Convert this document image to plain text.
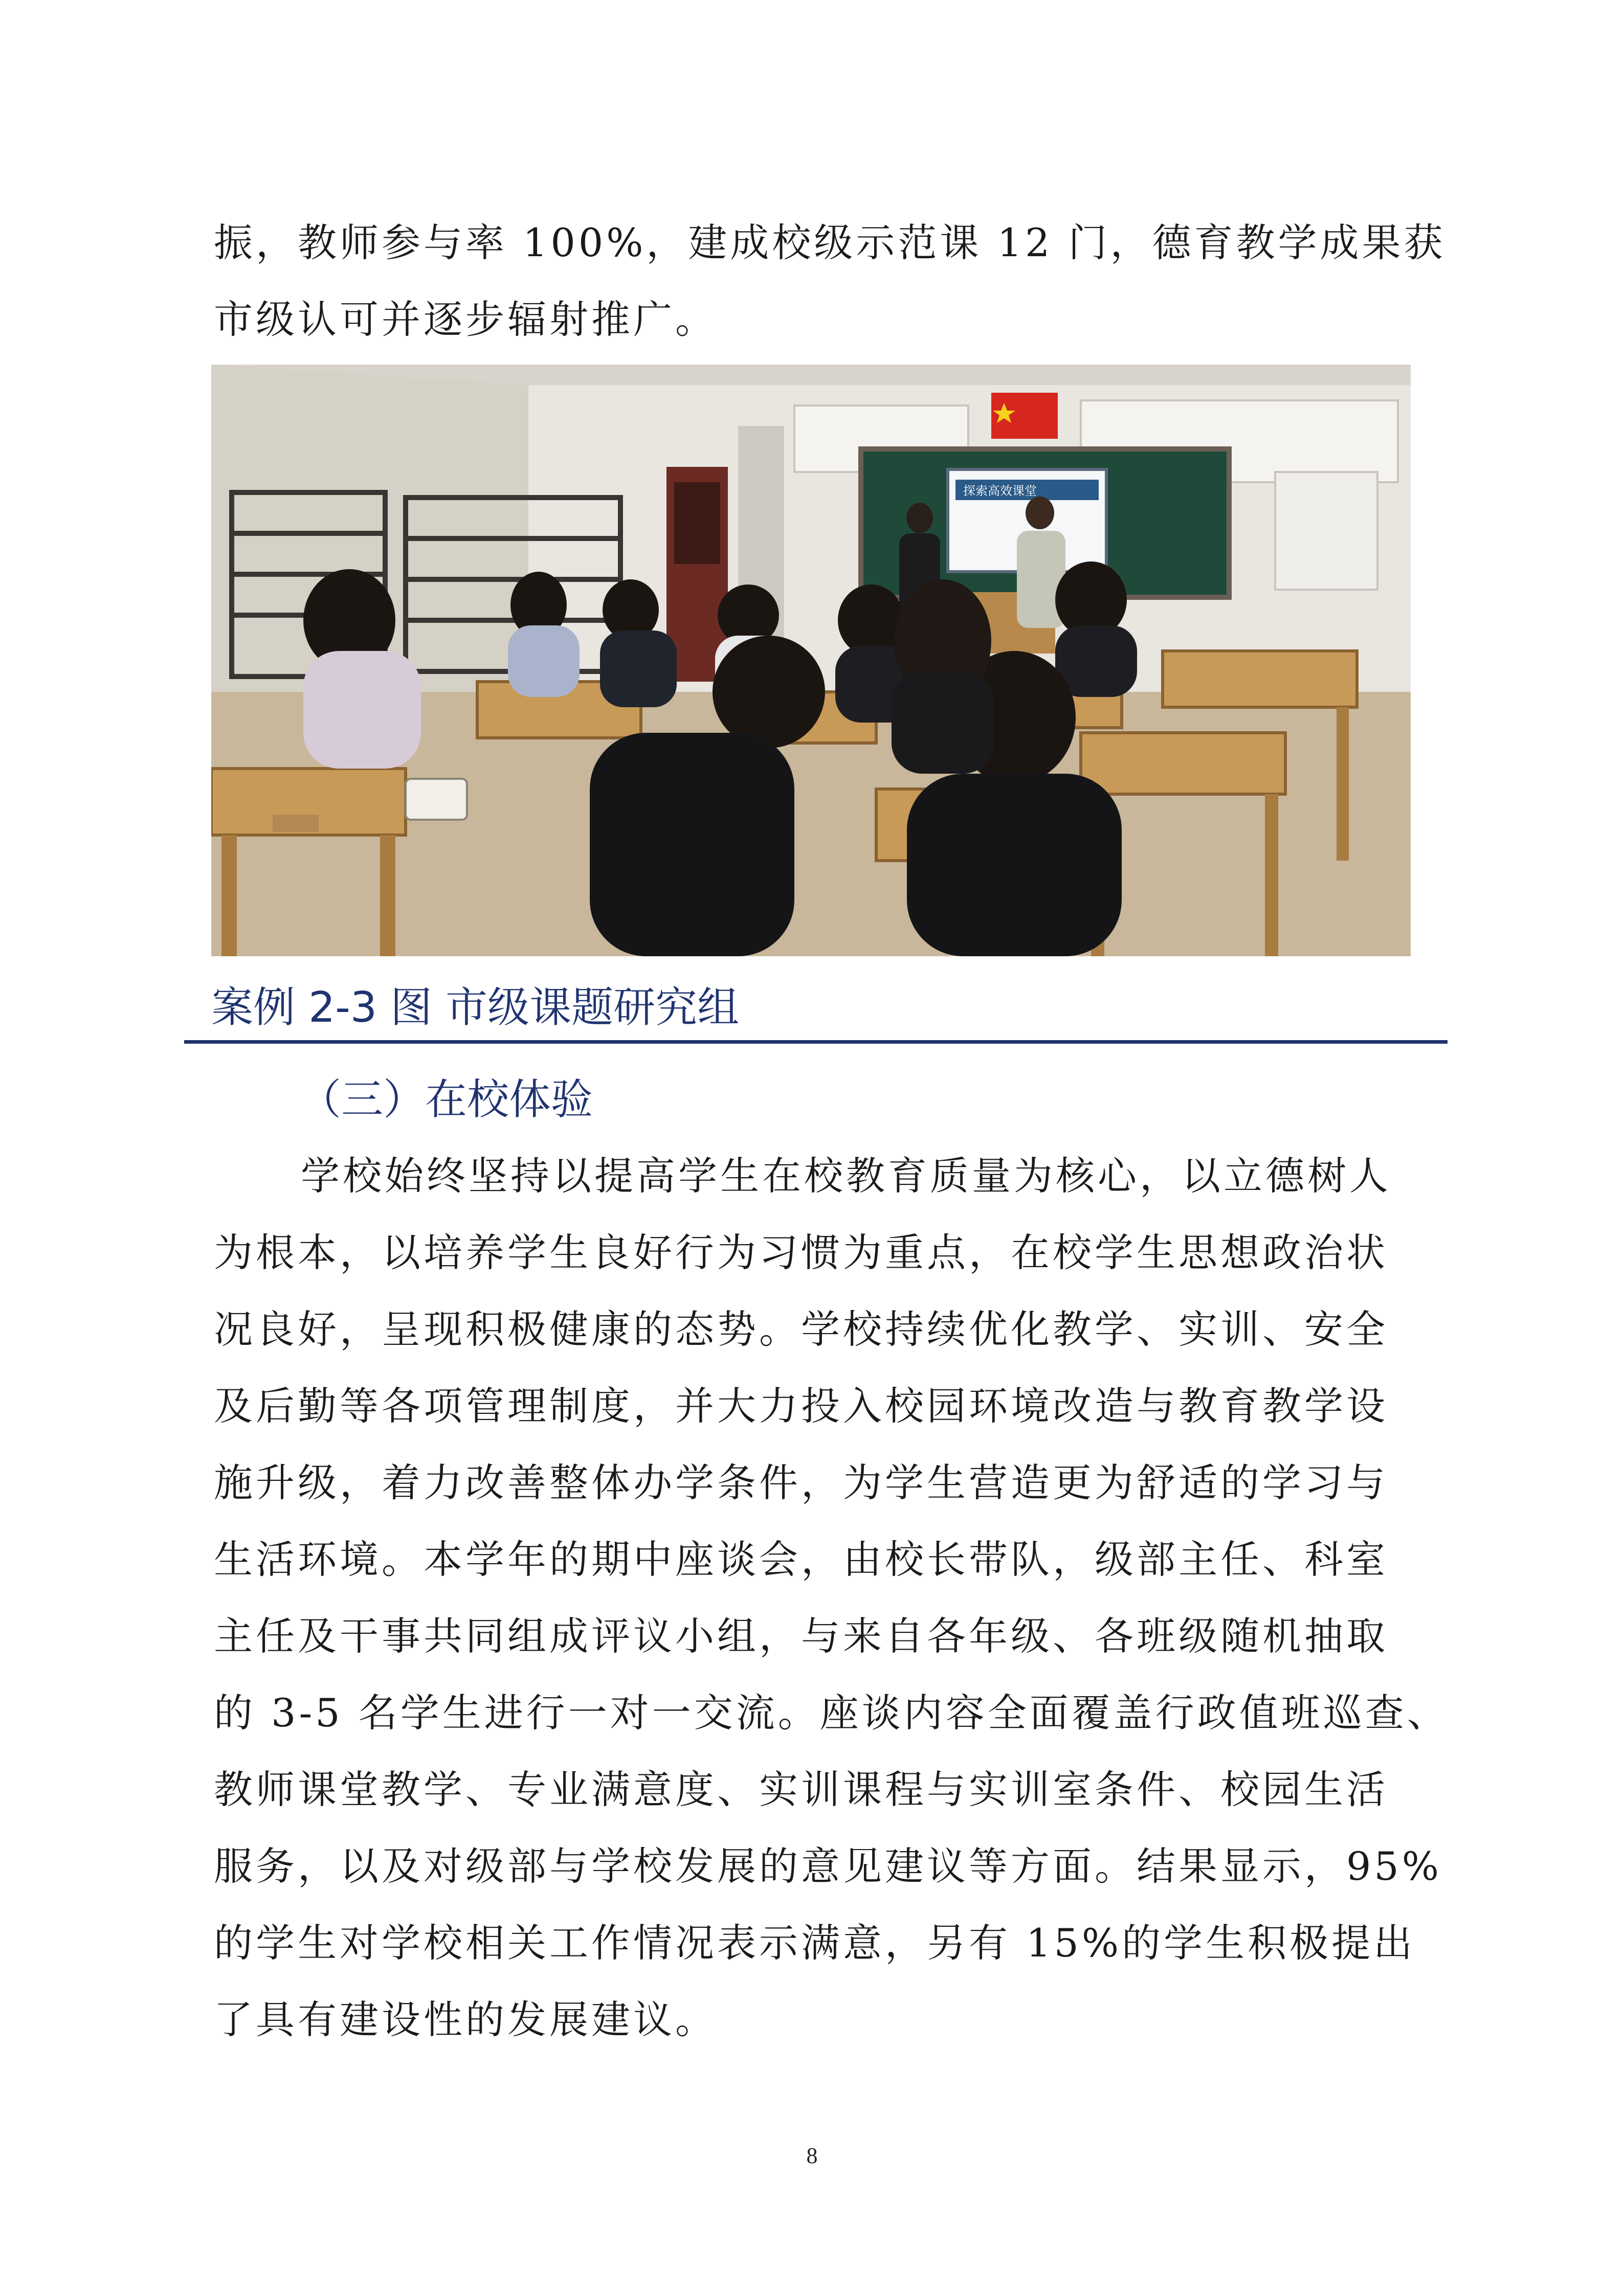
振，教师参与率 100%，建成校级示范课 12 门，德育教学成果获
市级认可并逐步辐射推广。

探索高效课堂
案例 2-3 图 市级课题研究组
（三）在校体验

学校始终坚持以提高学生在校教育质量为核心，以立德树人
为根本，以培养学生良好行为习惯为重点，在校学生思想政治状
况良好，呈现积极健康的态势。学校持续优化教学、实训、安全
及后勤等各项管理制度，并大力投入校园环境改造与教育教学设
施升级，着力改善整体办学条件，为学生营造更为舒适的学习与
生活环境。本学年的期中座谈会，由校长带队，级部主任、科室
主任及干事共同组成评议小组，与来自各年级、各班级随机抽取
的 3-5 名学生进行一对一交流。座谈内容全面覆盖行政值班巡查、
教师课堂教学、专业满意度、实训课程与实训室条件、校园生活
服务，以及对级部与学校发展的意见建议等方面。结果显示，95%
的学生对学校相关工作情况表示满意，另有 15%的学生积极提出
了具有建设性的发展建议。

8
